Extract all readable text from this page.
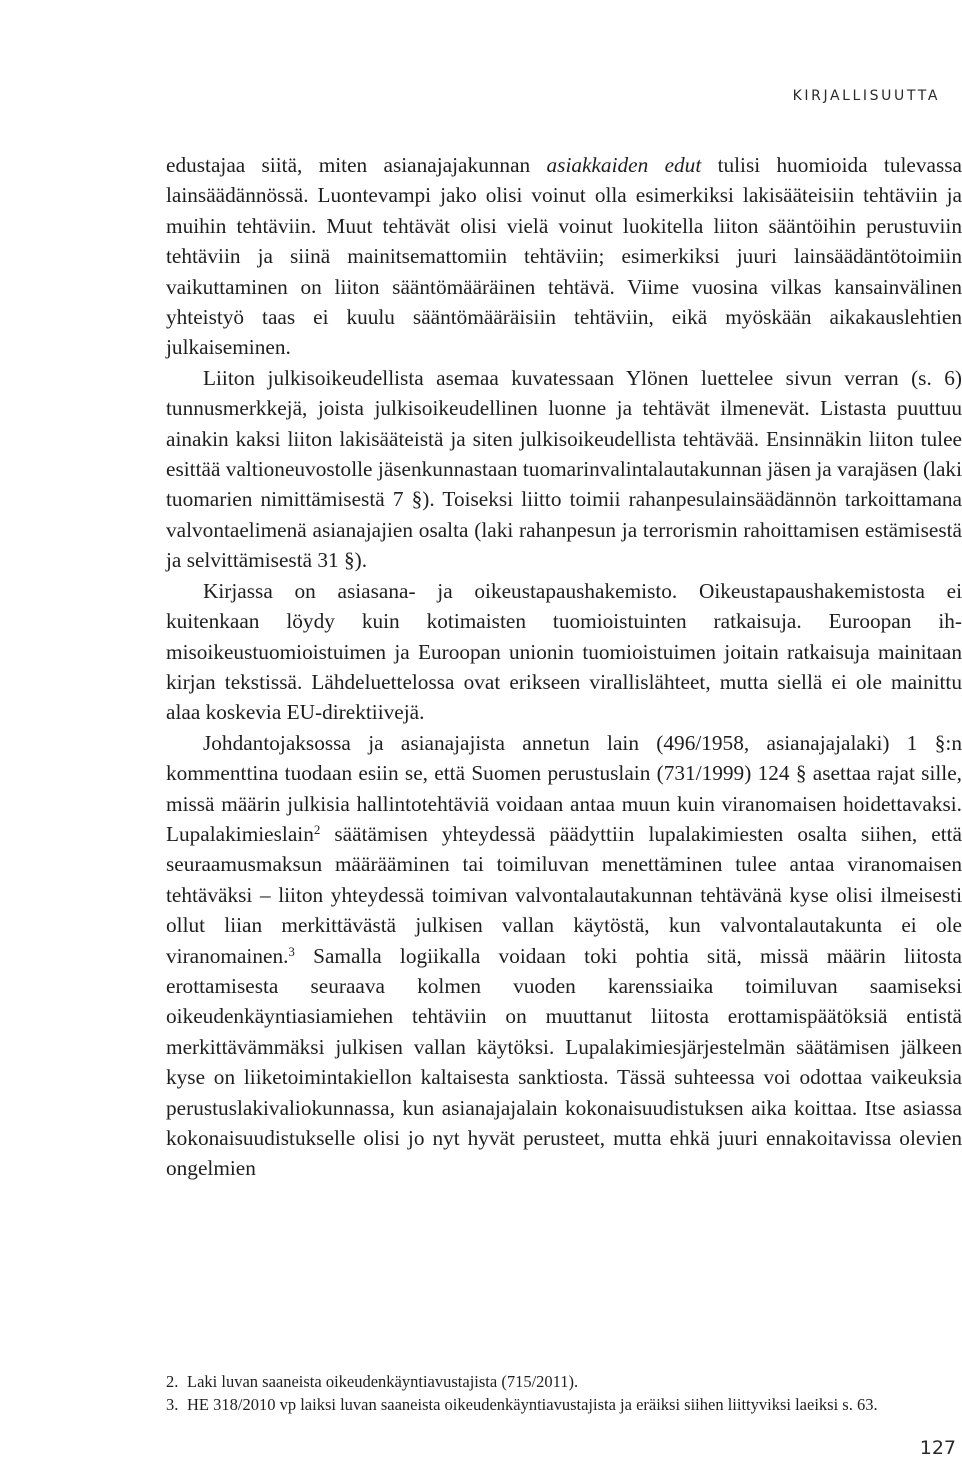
KIRJALLISUUTTA

edustajaa siitä, miten asianajajakunnan asiakkaiden edut tulisi huomioida tulevassa lainsäädännössä. Luontevampi jako olisi voinut olla esimerkiksi lakisääteisiin tehtäviin ja muihin tehtäviin. Muut tehtävät olisi vielä voinut luokitella liiton sääntöihin perustuviin tehtäviin ja siinä mainitsemattomiin tehtäviin; esimerkiksi juuri lainsäädäntötoimiin vaikuttaminen on liiton sääntömääräinen tehtävä. Viime vuosina vilkas kansainvälinen yhteistyö taas ei kuulu sääntömääräisiin tehtäviin, eikä myöskään aikakauslehtien julkaiseminen.

Liiton julkisoikeudellista asemaa kuvatessaan Ylönen luettelee sivun verran (s. 6) tunnusmerkkejä, joista julkisoikeudellinen luonne ja tehtävät ilmenevät. Listasta puuttuu ainakin kaksi liiton lakisääteistä ja siten julkisoikeudellista tehtävää. Ensinnäkin liiton tulee esittää valtioneuvostolle jäsenkunnastaan tuomarinvalintalautakunnan jäsen ja varajäsen (laki tuomarien nimittämisestä 7 §). Toiseksi liitto toimii rahanpesulainsäädännön tarkoittamana valvontaelimenä asianajajien osalta (laki rahanpesun ja terrorismin rahoittamisen estämisestä ja selvittämisestä 31 §).

Kirjassa on asiasana- ja oikeustapaushakemisto. Oikeustapaushakemistosta ei kuitenkaan löydy kuin kotimaisten tuomioistuinten ratkaisuja. Euroopan ihmisoikeustuomioistuimen ja Euroopan unionin tuomioistuimen joitain ratkaisuja mainitaan kirjan tekstissä. Lähdeluettelossa ovat erikseen virallislähteet, mutta siellä ei ole mainittu alaa koskevia EU-direktiivejä.

Johdantojaksossa ja asianajajista annetun lain (496/1958, asianajajalaki) 1 §:n kommenttina tuodaan esiin se, että Suomen perustuslain (731/1999) 124 § asettaa rajat sille, missä määrin julkisia hallintotehtäviä voidaan antaa muun kuin viranomaisen hoidettavaksi. Lupalakimieslain$^2$ säätämisen yhteydessä päädyttiin lupalakimiesten osalta siihen, että seuraamusmaksun määrääminen tai toimiluvan menettäminen tulee antaa viranomaisen tehtäväksi – liiton yhteydessä toimivan valvontalautakunnan tehtävänä kyse olisi ilmeisesti ollut liian merkittävästä julkisen vallan käytöstä, kun valvontalautakunta ei ole viranomainen.$^3$ Samalla logiikalla voidaan toki pohtia sitä, missä määrin liitosta erottamisesta seuraava kolmen vuoden karenssiaika toimiluvan saamiseksi oikeudenkäyntiasiamiehen tehtäviin on muuttanut liitosta erottamispäätöksiä entistä merkittävämmäksi julkisen vallan käytöksi. Lupalakimiesjärjestelmän säätämisen jälkeen kyse on liiketoimintakiellon kaltaisesta sanktiosta. Tässä suhteessa voi odottaa vaikeuksia perustuslakivaliokunnassa, kun asianajajalain kokonaisuudistuksen aika koittaa. Itse asiassa kokonaisuudistukselle olisi jo nyt hyvät perusteet, mutta ehkä juuri ennakoitavissa olevien ongelmien

2. Laki luvan saaneista oikeudenkäyntiavustajista (715/2011).
3. HE 318/2010 vp laiksi luvan saaneista oikeudenkäyntiavustajista ja eräiksi siihen liittyviksi laeiksi s. 63.
127
